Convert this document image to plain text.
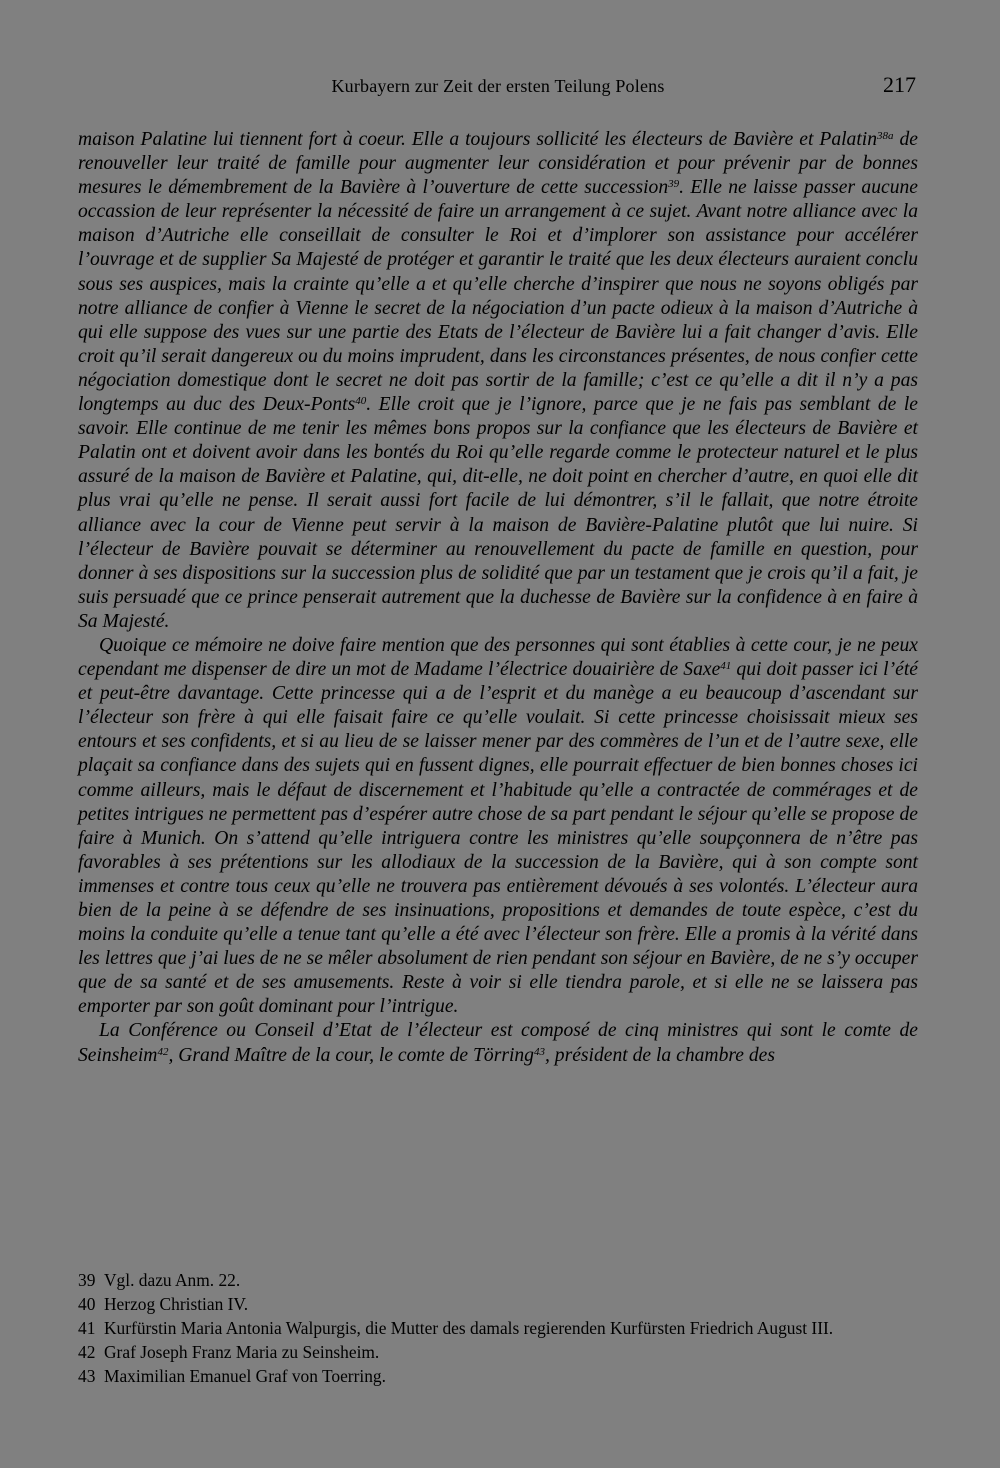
Kurbayern zur Zeit der ersten Teilung Polens	217

maison Palatine lui tiennent fort à coeur. Elle a toujours sollicité les électeurs de Bavière et Palatin$^{38a}$ de renouveller leur traité de famille pour augmenter leur considération et pour prévenir par de bonnes mesures le démembrement de la Bavière à l’ouverture de cette succession$^{39}$. Elle ne laisse passer aucune occassion de leur représenter la nécessité de faire un arrangement à ce sujet. Avant notre alliance avec la maison d’Autriche elle conseillait de consulter le Roi et d’implorer son assistance pour accélérer l’ouvrage et de supplier Sa Majesté de protéger et garantir le traité que les deux électeurs auraient conclu sous ses auspices, mais la crainte qu’elle a et qu’elle cherche d’inspirer que nous ne soyons obligés par notre alliance de confier à Vienne le secret de la négociation d’un pacte odieux à la maison d’Autriche à qui elle suppose des vues sur une partie des Etats de l’électeur de Bavière lui a fait changer d’avis. Elle croit qu’il serait dangereux ou du moins imprudent, dans les circonstances présentes, de nous confier cette négociation domestique dont le secret ne doit pas sortir de la famille; c’est ce qu’elle a dit il n’y a pas longtemps au duc des Deux-Ponts$^{40}$. Elle croit que je l’ignore, parce que je ne fais pas semblant de le savoir. Elle continue de me tenir les mêmes bons propos sur la confiance que les électeurs de Bavière et Palatin ont et doivent avoir dans les bontés du Roi qu’elle regarde comme le protecteur naturel et le plus assuré de la maison de Bavière et Palatine, qui, dit-elle, ne doit point en chercher d’autre, en quoi elle dit plus vrai qu’elle ne pense. Il serait aussi fort facile de lui démontrer, s’il le fallait, que notre étroite alliance avec la cour de Vienne peut servir à la maison de Bavière-Palatine plutôt que lui nuire. Si l’électeur de Bavière pouvait se déterminer au renouvellement du pacte de famille en question, pour donner à ses dispositions sur la succession plus de solidité que par un testament que je crois qu’il a fait, je suis persuadé que ce prince penserait autrement que la duchesse de Bavière sur la confidence à en faire à Sa Majesté.

Quoique ce mémoire ne doive faire mention que des personnes qui sont établies à cette cour, je ne peux cependant me dispenser de dire un mot de Madame l’électrice douairière de Saxe$^{41}$ qui doit passer ici l’été et peut-être davantage. Cette princesse qui a de l’esprit et du manège a eu beaucoup d’ascendant sur l’électeur son frère à qui elle faisait faire ce qu’elle voulait. Si cette princesse choisissait mieux ses entours et ses confidents, et si au lieu de se laisser mener par des commères de l’un et de l’autre sexe, elle plaçait sa confiance dans des sujets qui en fussent dignes, elle pourrait effectuer de bien bonnes choses ici comme ailleurs, mais le défaut de discernement et l’habitude qu’elle a contractée de commérages et de petites intrigues ne permettent pas d’espérer autre chose de sa part pendant le séjour qu’elle se propose de faire à Munich. On s’attend qu’elle intriguera contre les ministres qu’elle soupçonnera de n’être pas favorables à ses prétentions sur les allodiaux de la succession de la Bavière, qui à son compte sont immenses et contre tous ceux qu’elle ne trouvera pas entièrement dévoués à ses volontés. L’électeur aura bien de la peine à se défendre de ses insinuations, propositions et demandes de toute espèce, c’est du moins la conduite qu’elle a tenue tant qu’elle a été avec l’électeur son frère. Elle a promis à la vérité dans les lettres que j’ai lues de ne se mêler absolument de rien pendant son séjour en Bavière, de ne s’y occuper que de sa santé et de ses amusements. Reste à voir si elle tiendra parole, et si elle ne se laissera pas emporter par son goût dominant pour l’intrigue.

La Conférence ou Conseil d’Etat de l’électeur est composé de cinq ministres qui sont le comte de Seinsheim$^{42}$, Grand Maître de la cour, le comte de Törring$^{43}$, président de la chambre des

39 Vgl. dazu Anm. 22.
40 Herzog Christian IV.
41 Kurfürstin Maria Antonia Walpurgis, die Mutter des damals regierenden Kurfürsten Friedrich August III.
42 Graf Joseph Franz Maria zu Seinsheim.
43 Maximilian Emanuel Graf von Toerring.
